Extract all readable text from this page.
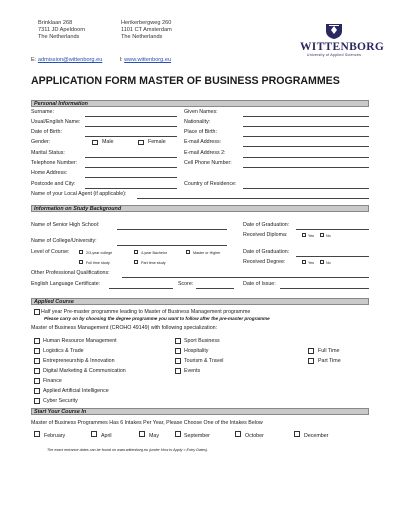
Brinklaan 268
7311 JD Apeldoorn
The Netherlands
Herikerbergweg 260
1101 CT Amsterdam
The Netherlands
E: admission@wittenborg.eu	I: www.wittenborg.eu
WITTENBORG
University of Applied Sciences
APPLICATION FORM MASTER OF BUSINESS PROGRAMMES
Personal Information
Surname:	Given Names:
Usual/English Name:	Nationality:
Date of Birth:	Place of Birth:
Gender:	Male	Female	E-mail Address:
Marital Status:	E-mail Address 2:
Telephone Number:	Cell Phone Number:
Home Address:
Postcode and City:	Country of Residence:
Name of your Local Agent (if applicable):
Information on Study Background
Name of Senior High School:	Date of Graduation:
Received Diploma:	Yes	No
Name of College/University:
Level of Course:	2/3-year college	4-year Bachelor	Master or Higher	Date of Graduation:
Full time study	Part time study	Received Degree:	Yes	No
Other Professional Qualifications:
English Language Certificate:	Score:	Date of Issue:
Applied Course
Half year Pre-master programme leading to Master of Business Management programme
Please carry on by choosing the degree programme you want to follow after the pre-master programme
Master of Business Management (CROHO 49149) with following specialization:
Human Resource Management
Logistics & Trade
Entrepreneurship & Innovation
Digital Marketing & Communication
Finance
Applied Artificial Intelligence
Cyber Security
Sport Business
Hospitality
Tourism & Travel
Events
Full Time
Part Time
Start Your Course In
Master of Business Programmes Has 6 Intakes Per Year, Please Choose One of the Intakes Below
February	April	May	September	October	December
The exact entrance dates can be found on www.wittenborg.eu (under How to Apply > Entry Dates).
